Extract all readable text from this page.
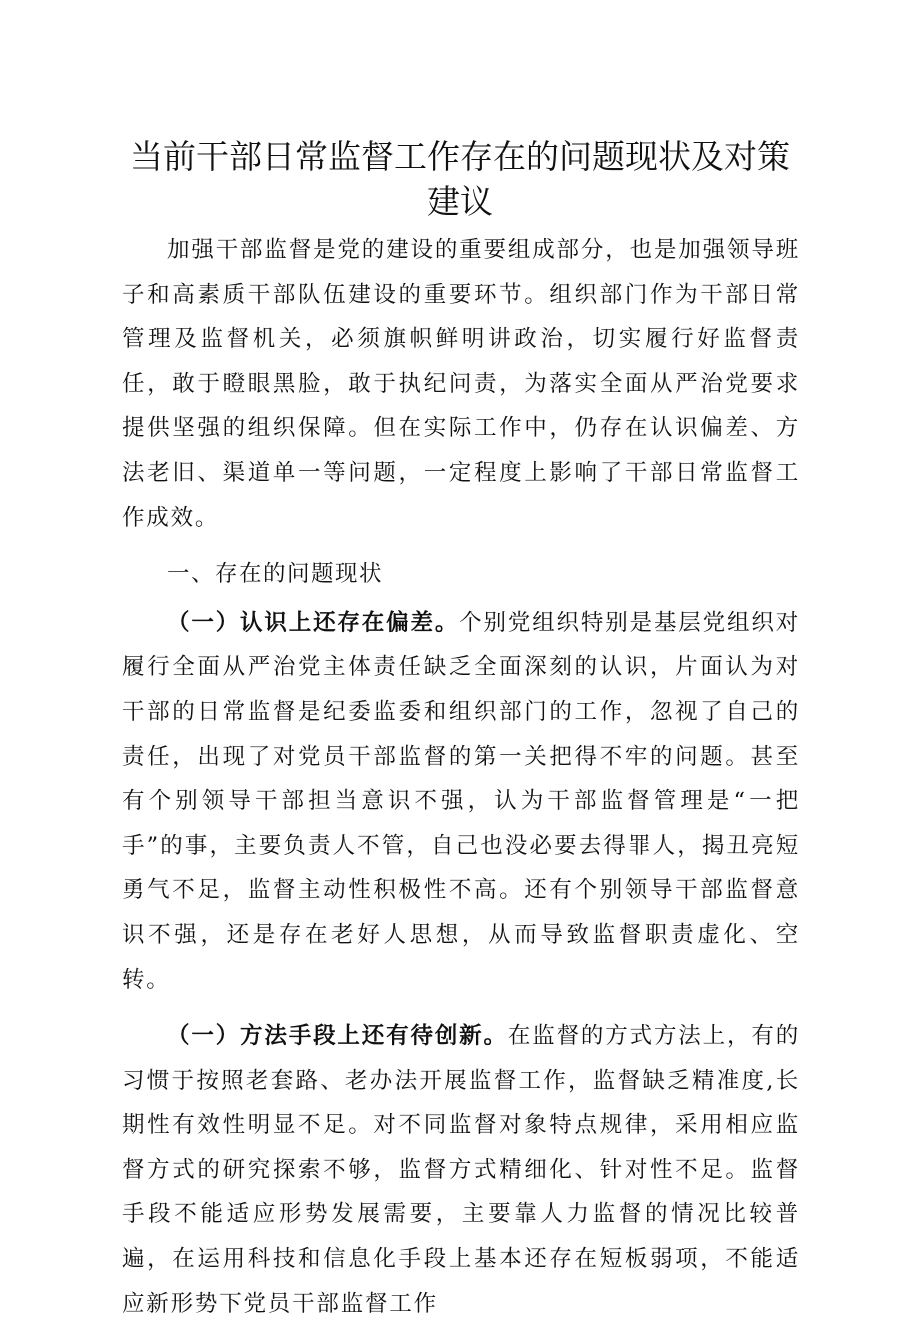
当前干部日常监督工作存在的问题现状及对策建议

加强干部监督是党的建设的重要组成部分，也是加强领导班子和高素质干部队伍建设的重要环节。组织部门作为干部日常管理及监督机关，必须旗帜鲜明讲政治，切实履行好监督责任，敢于瞪眼黑脸，敢于执纪问责，为落实全面从严治党要求提供坚强的组织保障。但在实际工作中，仍存在认识偏差、方法老旧、渠道单一等问题，一定程度上影响了干部日常监督工作成效。

一、存在的问题现状

（一）认识上还存在偏差。个别党组织特别是基层党组织对履行全面从严治党主体责任缺乏全面深刻的认识，片面认为对干部的日常监督是纪委监委和组织部门的工作，忽视了自己的责任，出现了对党员干部监督的第一关把得不牢的问题。甚至有个别领导干部担当意识不强，认为干部监督管理是“一把手”的事，主要负责人不管，自己也没必要去得罪人，揭丑亮短勇气不足，监督主动性积极性不高。还有个别领导干部监督意识不强，还是存在老好人思想，从而导致监督职责虚化、空转。

（一）方法手段上还有待创新。在监督的方式方法上，有的习惯于按照老套路、老办法开展监督工作，监督缺乏精准度,长期性有效性明显不足。对不同监督对象特点规律，采用相应监督方式的研究探索不够，监督方式精细化、针对性不足。监督手段不能适应形势发展需要，主要靠人力监督的情况比较普遍，在运用科技和信息化手段上基本还存在短板弱项，不能适应新形势下党员干部监督工作
